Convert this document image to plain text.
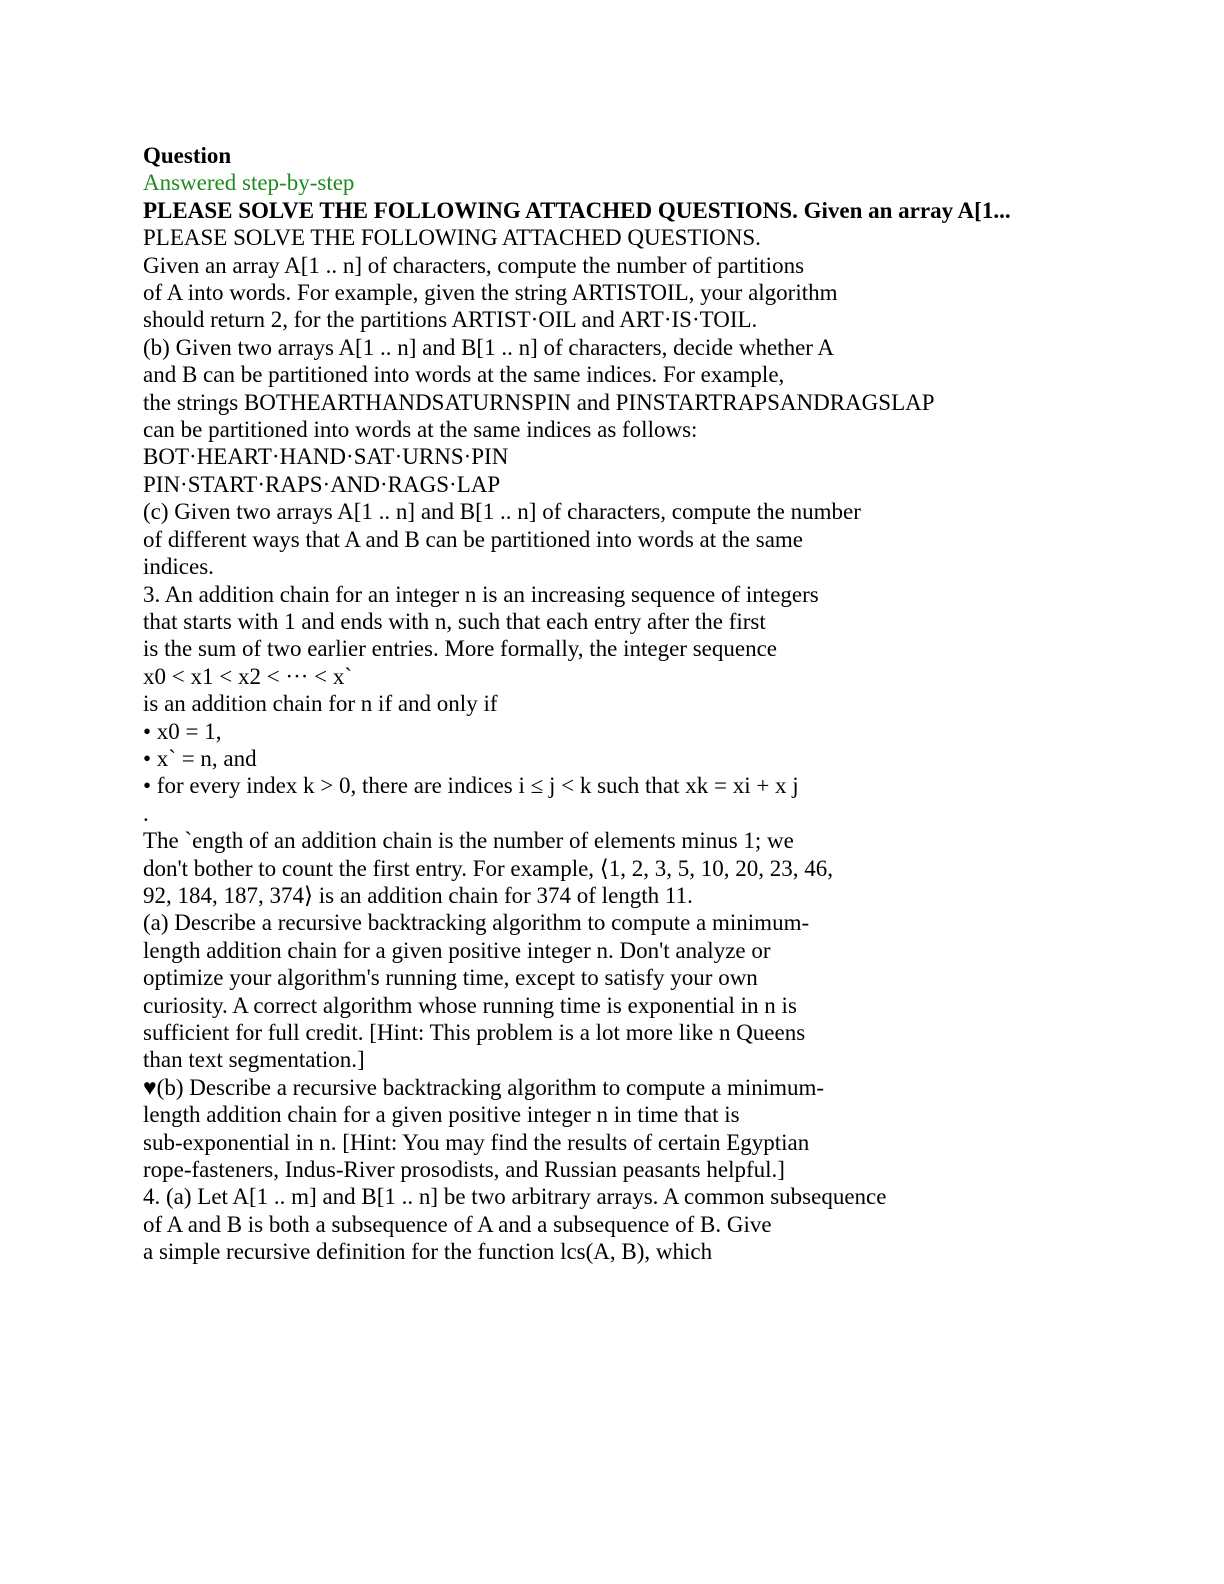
Question
Answered step-by-step
PLEASE SOLVE THE FOLLOWING ATTACHED QUESTIONS. Given an array A[1...
PLEASE SOLVE THE FOLLOWING ATTACHED QUESTIONS.
Given an array A[1 .. n] of characters, compute the number of partitions
of A into words. For example, given the string ARTISTOIL, your algorithm
should return 2, for the partitions ARTIST·OIL and ART·IS·TOIL.
(b) Given two arrays A[1 .. n] and B[1 .. n] of characters, decide whether A
and B can be partitioned into words at the same indices. For example,
the strings BOTHEARTHANDSATURNSPIN and PINSTARTRAPSANDRAGSLAP
can be partitioned into words at the same indices as follows:
BOT·HEART·HAND·SAT·URNS·PIN
PIN·START·RAPS·AND·RAGS·LAP
(c) Given two arrays A[1 .. n] and B[1 .. n] of characters, compute the number
of different ways that A and B can be partitioned into words at the same
indices.
3. An addition chain for an integer n is an increasing sequence of integers
that starts with 1 and ends with n, such that each entry after the first
is the sum of two earlier entries. More formally, the integer sequence
x0 < x1 < x2 < ··· < x`
is an addition chain for n if and only if
• x0 = 1,
• x` = n, and
• for every index k > 0, there are indices i ≤ j < k such that xk = xi + x j
.
The `ength of an addition chain is the number of elements minus 1; we
don't bother to count the first entry. For example, ⟨1, 2, 3, 5, 10, 20, 23, 46,
92, 184, 187, 374⟩ is an addition chain for 374 of length 11.
(a) Describe a recursive backtracking algorithm to compute a minimum-
length addition chain for a given positive integer n. Don't analyze or
optimize your algorithm's running time, except to satisfy your own
curiosity. A correct algorithm whose running time is exponential in n is
sufficient for full credit. [Hint: This problem is a lot more like n Queens
than text segmentation.]
♥(b) Describe a recursive backtracking algorithm to compute a minimum-
length addition chain for a given positive integer n in time that is
sub-exponential in n. [Hint: You may find the results of certain Egyptian
rope-fasteners, Indus-River prosodists, and Russian peasants helpful.]
4. (a) Let A[1 .. m] and B[1 .. n] be two arbitrary arrays. A common subsequence
of A and B is both a subsequence of A and a subsequence of B. Give
a simple recursive definition for the function lcs(A, B), which
